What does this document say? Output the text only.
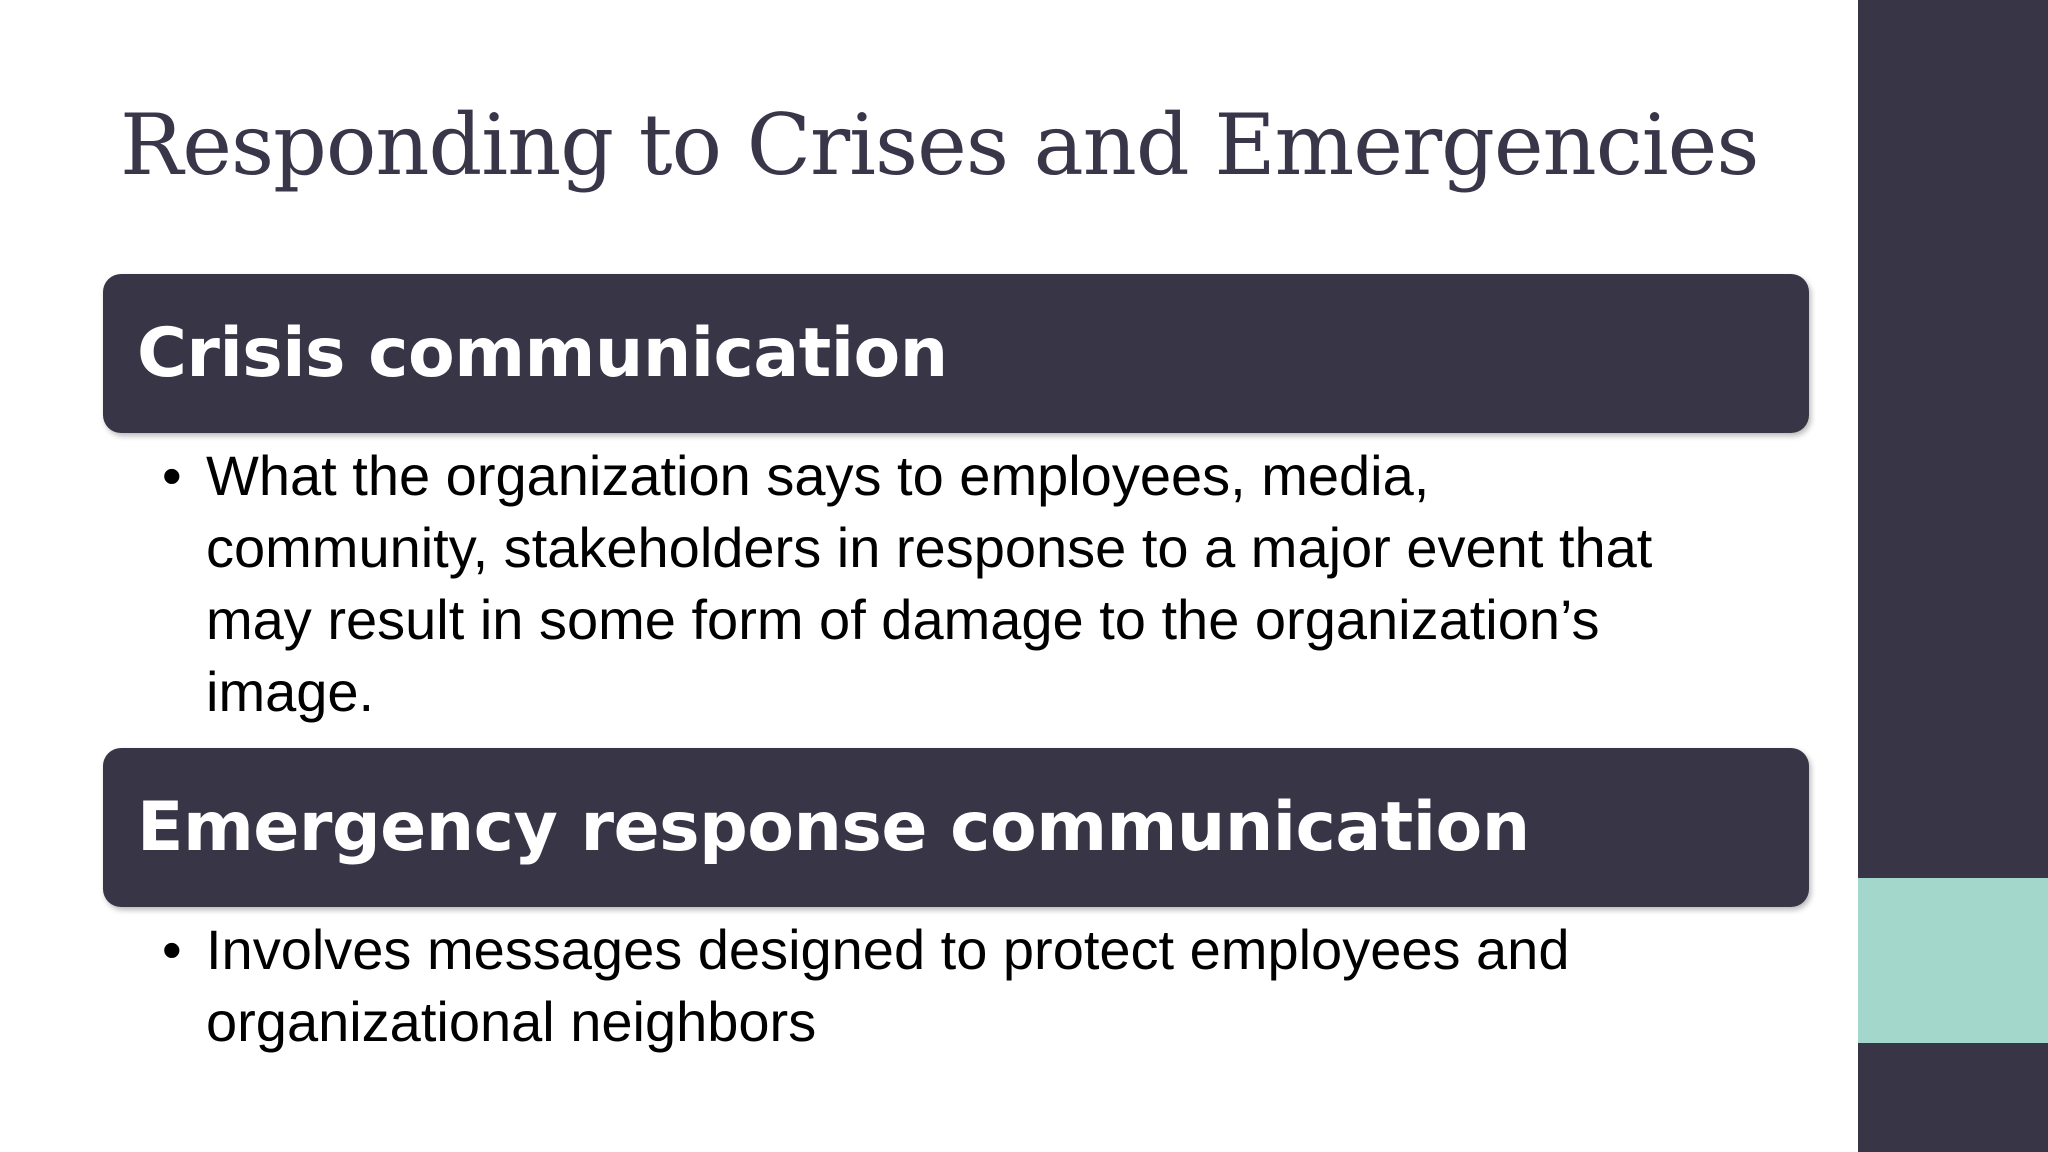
Responding to Crises and Emergencies
Crisis communication
• What the organization says to employees, media, community, stakeholders in response to a major event that may result in some form of damage to the organization’s image.
Emergency response communication
• Involves messages designed to protect employees and organizational neighbors
